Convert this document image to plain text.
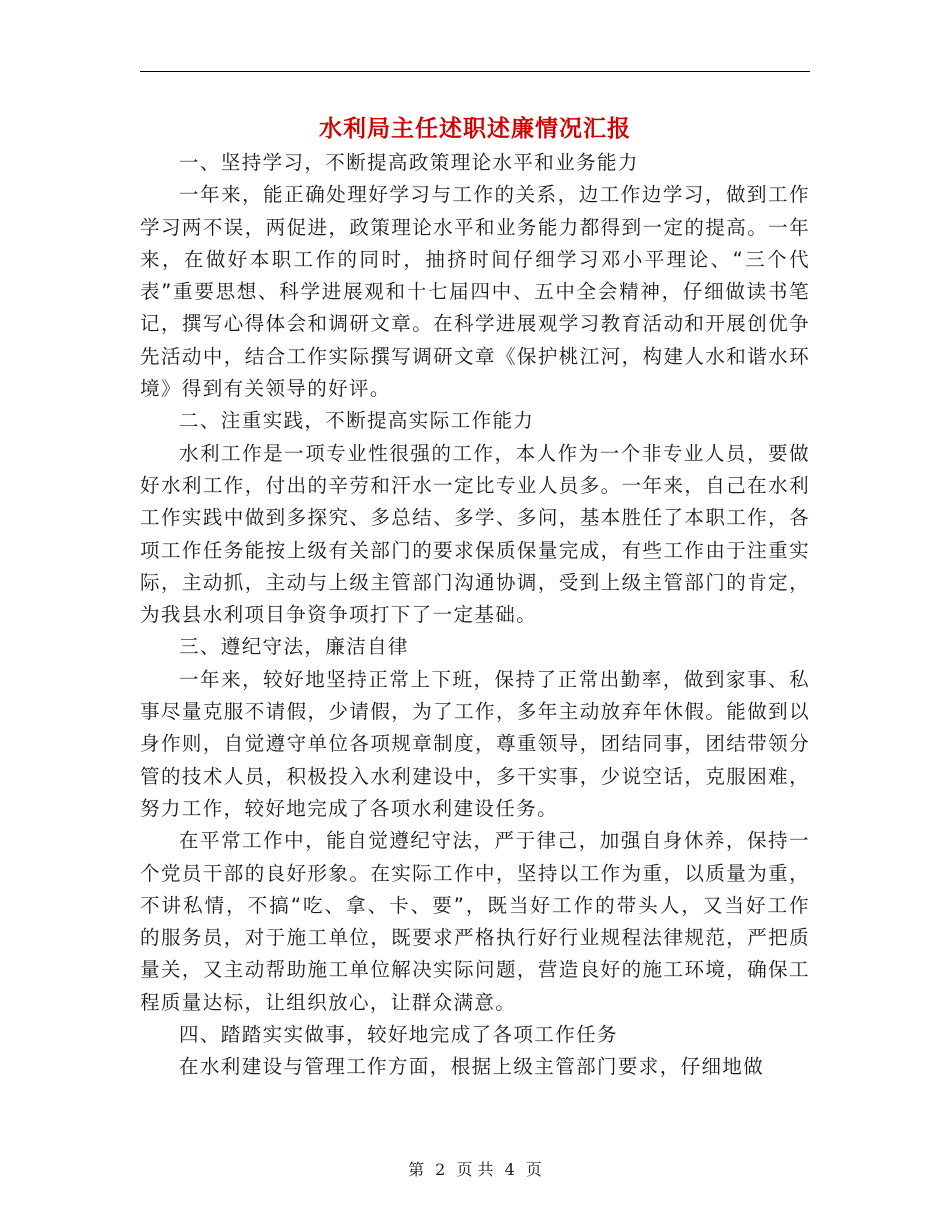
水利局主任述职述廉情况汇报

一、坚持学习，不断提高政策理论水平和业务能力

一年来，能正确处理好学习与工作的关系，边工作边学习，做到工作学习两不误，两促进，政策理论水平和业务能力都得到一定的提高。一年来，在做好本职工作的同时，抽挤时间仔细学习邓小平理论、“三个代表”重要思想、科学进展观和十七届四中、五中全会精神，仔细做读书笔记，撰写心得体会和调研文章。在科学进展观学习教育活动和开展创优争先活动中，结合工作实际撰写调研文章《保护桃江河，构建人水和谐水环境》得到有关领导的好评。

二、注重实践，不断提高实际工作能力

水利工作是一项专业性很强的工作，本人作为一个非专业人员，要做好水利工作，付出的辛劳和汗水一定比专业人员多。一年来，自己在水利工作实践中做到多探究、多总结、多学、多问，基本胜任了本职工作，各项工作任务能按上级有关部门的要求保质保量完成，有些工作由于注重实际，主动抓，主动与上级主管部门沟通协调，受到上级主管部门的肯定，为我县水利项目争资争项打下了一定基础。

三、遵纪守法，廉洁自律

一年来，较好地坚持正常上下班，保持了正常出勤率，做到家事、私事尽量克服不请假，少请假，为了工作，多年主动放弃年休假。能做到以身作则，自觉遵守单位各项规章制度，尊重领导，团结同事，团结带领分管的技术人员，积极投入水利建设中，多干实事，少说空话，克服困难，努力工作，较好地完成了各项水利建设任务。

在平常工作中，能自觉遵纪守法，严于律己，加强自身休养，保持一个党员干部的良好形象。在实际工作中，坚持以工作为重，以质量为重，不讲私情，不搞“吃、拿、卡、要”，既当好工作的带头人，又当好工作的服务员，对于施工单位，既要求严格执行好行业规程法律规范，严把质量关，又主动帮助施工单位解决实际问题，营造良好的施工环境，确保工程质量达标，让组织放心，让群众满意。

四、踏踏实实做事，较好地完成了各项工作任务

在水利建设与管理工作方面，根据上级主管部门要求，仔细地做

第 2 页 共 4 页
